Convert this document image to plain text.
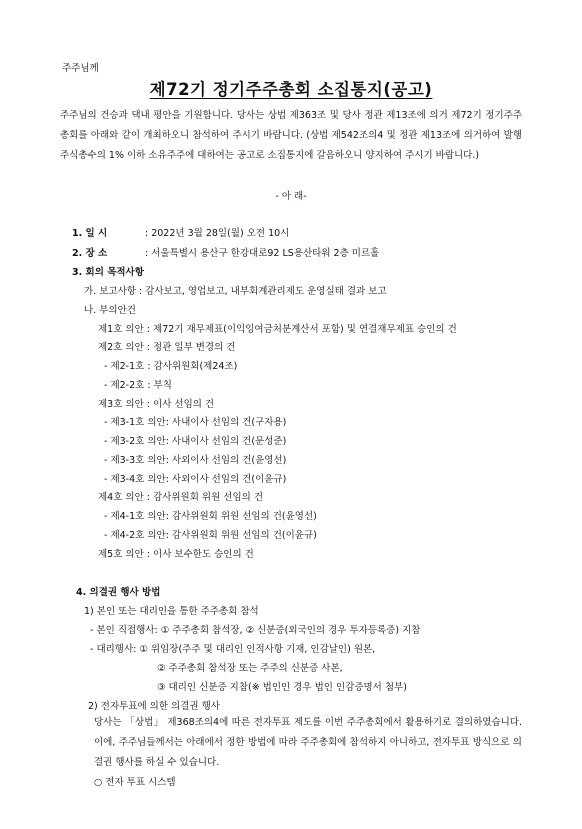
주주님께
제72기 정기주주총회 소집통지(공고)

주주님의 건승과 댁내 평안을 기원합니다. 당사는 상법 제363조 및 당사 정관 제13조에 의거 제72기 정기주주총회를 아래와 같이 개최하오니 참석하여 주시기 바랍니다. (상법 제542조의4 및 정관 제13조에 의거하여 발행주식총수의 1% 이하 소유주주에 대하여는 공고로 소집통지에 갈음하오니 양지하여 주시기 바랍니다.)

- 아 래-
1. 일 시	: 2022년 3월 28일(월) 오전 10시
2. 장 소	: 서울특별시 용산구 한강대로92 LS용산타워 2층 미르홀
3. 회의 목적사항
가. 보고사항 : 감사보고, 영업보고, 내부회계관리제도 운영실태 결과 보고
나. 부의안건
제1호 의안 : 제72기 재무제표(이익잉여금처분계산서 포함) 및 연결재무제표 승인의 건
제2호 의안 : 정관 일부 변경의 건
- 제2-1호 : 감사위원회(제24조)
- 제2-2호 : 부칙
제3호 의안 : 이사 선임의 건
- 제3-1호 의안: 사내이사 선임의 건(구자용)
- 제3-2호 의안: 사내이사 선임의 건(문성준)
- 제3-3호 의안: 사외이사 선임의 건(윤영선)
- 제3-4호 의안: 사외이사 선임의 건(이윤규)
제4호 의안 : 감사위원회 위원 선임의 건
- 제4-1호 의안: 감사위원회 위원 선임의 건(윤영선)
- 제4-2호 의안: 감사위원회 위원 선임의 건(이윤규)
제5호 의안 : 이사 보수한도 승인의 건
4. 의결권 행사 방법
1) 본인 또는 대리인을 통한 주주총회 참석
- 본인 직접행사: ① 주주총회 참석장, ② 신분증(외국인의 경우 투자등록증) 지참
- 대리행사: ① 위임장(주주 및 대리인 인적사항 기재, 인감날인) 원본,
② 주주총회 참석장 또는 주주의 신분증 사본,
③ 대리인 신분증 지참(※ 법인인 경우 법인 인감증명서 첨부)
2) 전자투표에 의한 의결권 행사

당사는 「상법」 제368조의4에 따른 전자투표 제도를 이번 주주총회에서 활용하기로 결의하였습니다. 이에, 주주님들께서는 아래에서 정한 방법에 따라 주주총회에 참석하지 아니하고, 전자투표 방식으로 의결권 행사를 하실 수 있습니다.

○ 전자 투표 시스템
